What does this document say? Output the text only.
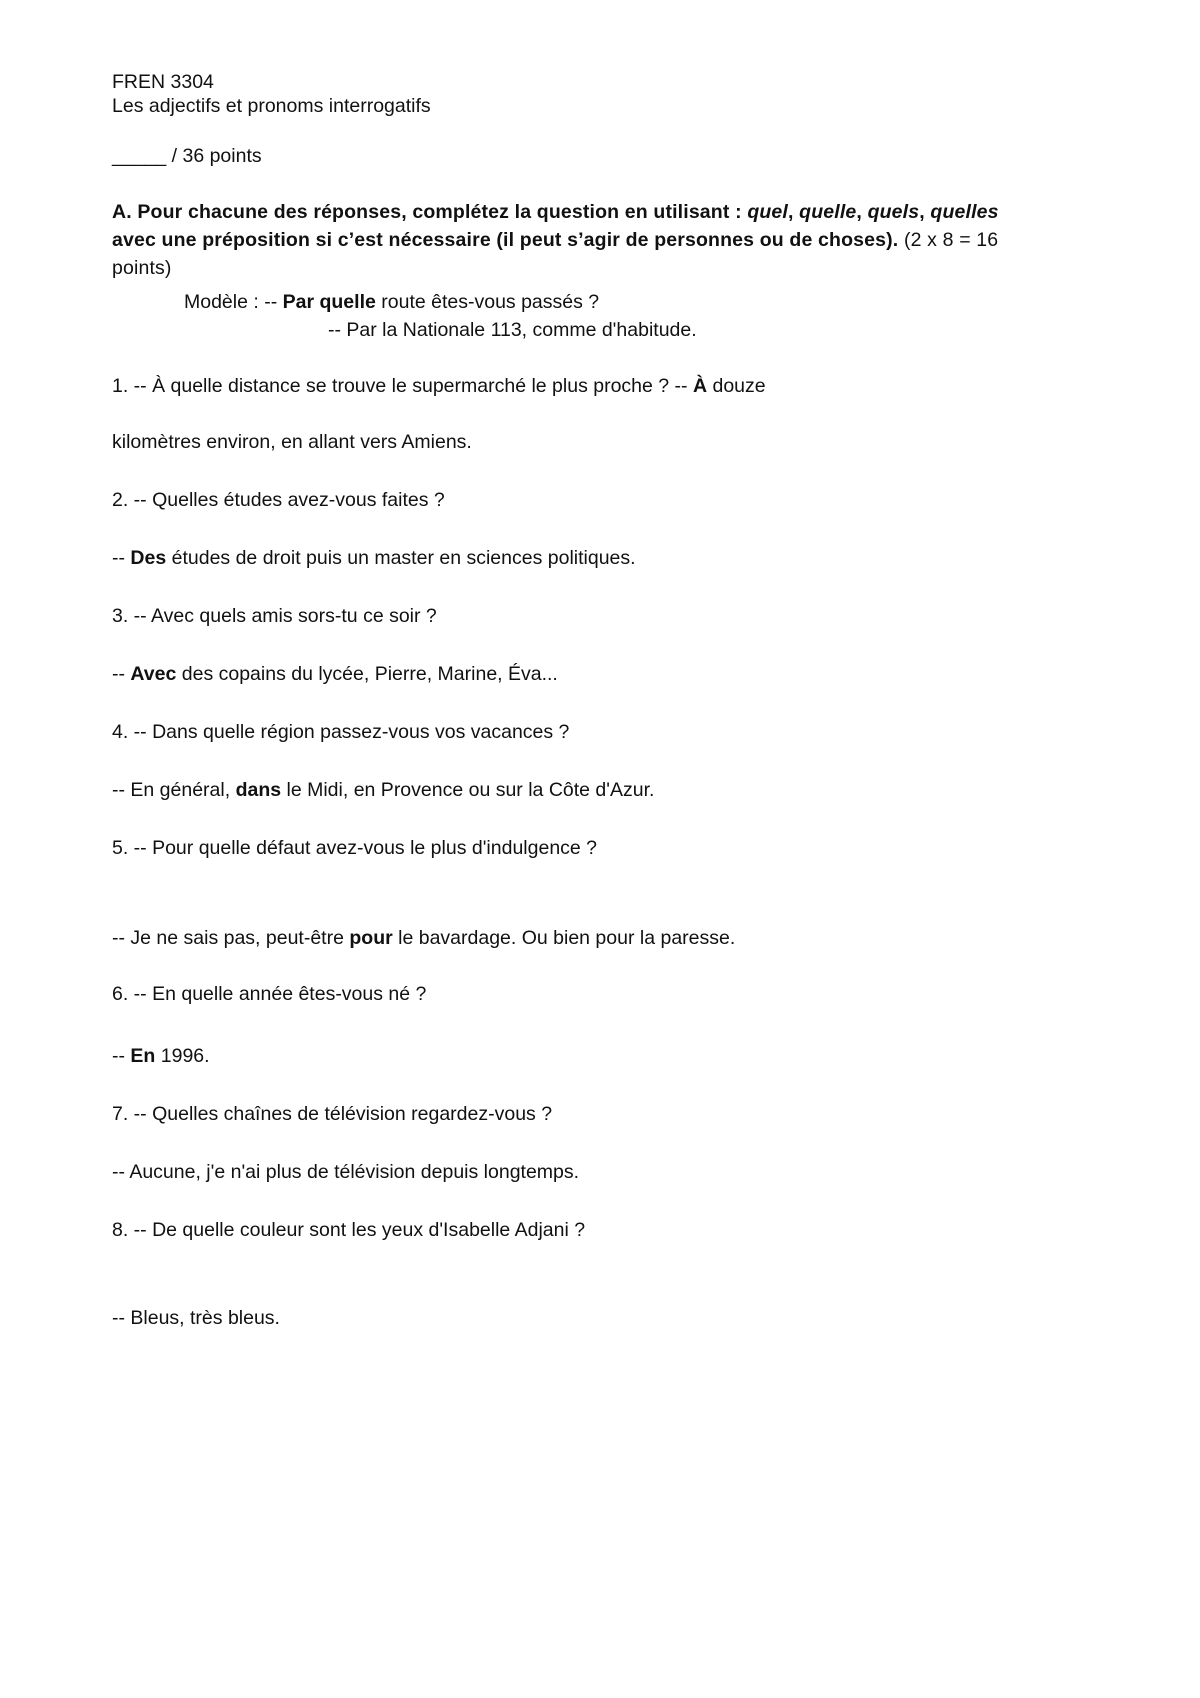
FREN 3304
Les adjectifs et pronoms interrogatifs
_____ / 36 points
A. Pour chacune des réponses, complétez la question en utilisant : quel, quelle, quels, quelles avec une préposition si c’est nécessaire (il peut s’agir de personnes ou de choses). (2 x 8 = 16 points)
Modèle : -- Par quelle route êtes-vous passés ?
-- Par la Nationale 113, comme d'habitude.
1. -- À quelle distance se trouve le supermarché le plus proche ? -- À douze
kilomètres environ, en allant vers Amiens.
2. -- Quelles études avez-vous faites ?
-- Des études de droit puis un master en sciences politiques.
3. -- Avec quels amis sors-tu ce soir ?
-- Avec des copains du lycée, Pierre, Marine, Éva...
4. -- Dans quelle région passez-vous vos vacances ?
-- En général, dans le Midi, en Provence ou sur la Côte d'Azur.
5. -- Pour quelle défaut avez-vous le plus d'indulgence ?
-- Je ne sais pas, peut-être pour le bavardage. Ou bien pour la paresse.
6. -- En quelle année êtes-vous né ?
-- En 1996.
7. -- Quelles chaînes de télévision regardez-vous ?
-- Aucune, j'e n'ai plus de télévision depuis longtemps.
8. -- De quelle couleur sont les yeux d'Isabelle Adjani ?
-- Bleus, très bleus.
